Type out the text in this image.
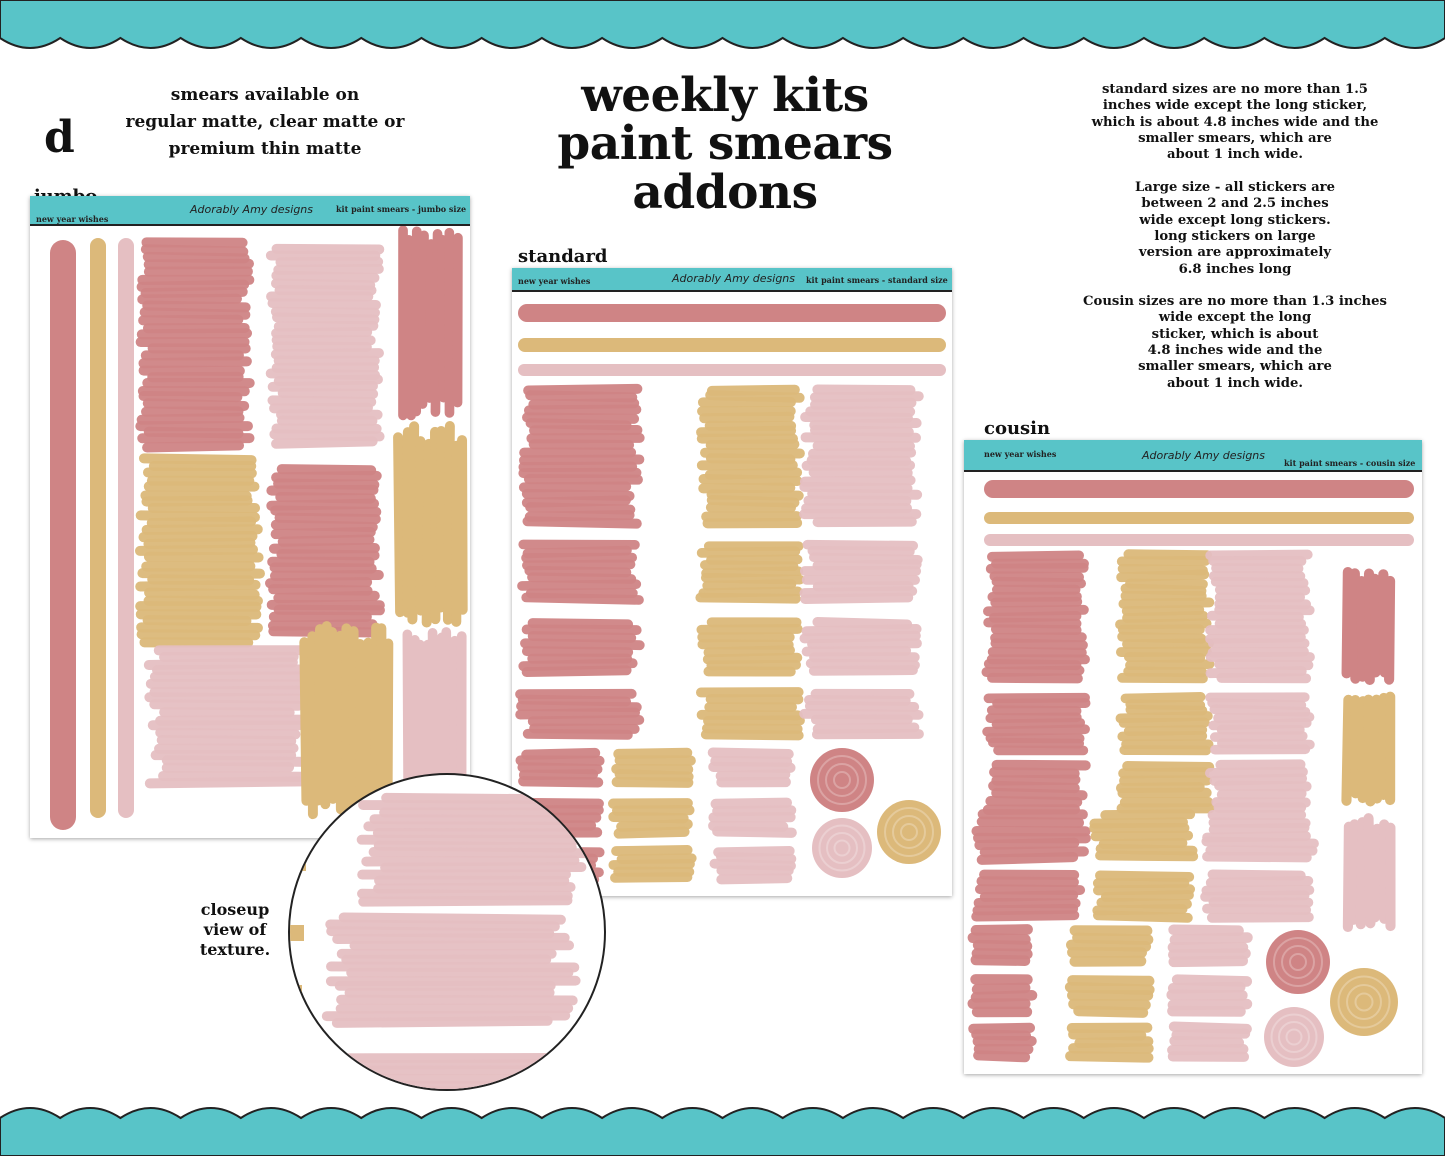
d
smears available on
regular matte, clear matte or
premium thin matte
weekly kits
paint smears addons

standard sizes are no more than 1.5
inches wide except the long sticker,
which is about 4.8 inches wide and the
smaller smears, which are
about 1 inch wide.

Large size - all stickers are
between 2 and 2.5 inches
wide except long stickers.
long stickers on large
version are approximately
6.8 inches long

Cousin sizes are no more than 1.3 inches
wide except the long
sticker, which is about
4.8 inches wide and the
smaller smears, which are
about 1 inch wide.

new year wishes
Adorably Amy designs	kit paint smears - jumbo size
standard
new year wishes	Adorably Amy designs kit paint smears - standard size
cousin
new year wishes	Adorably Amy designs
kit paint smears - cousin size
closeup
view of
texture.
